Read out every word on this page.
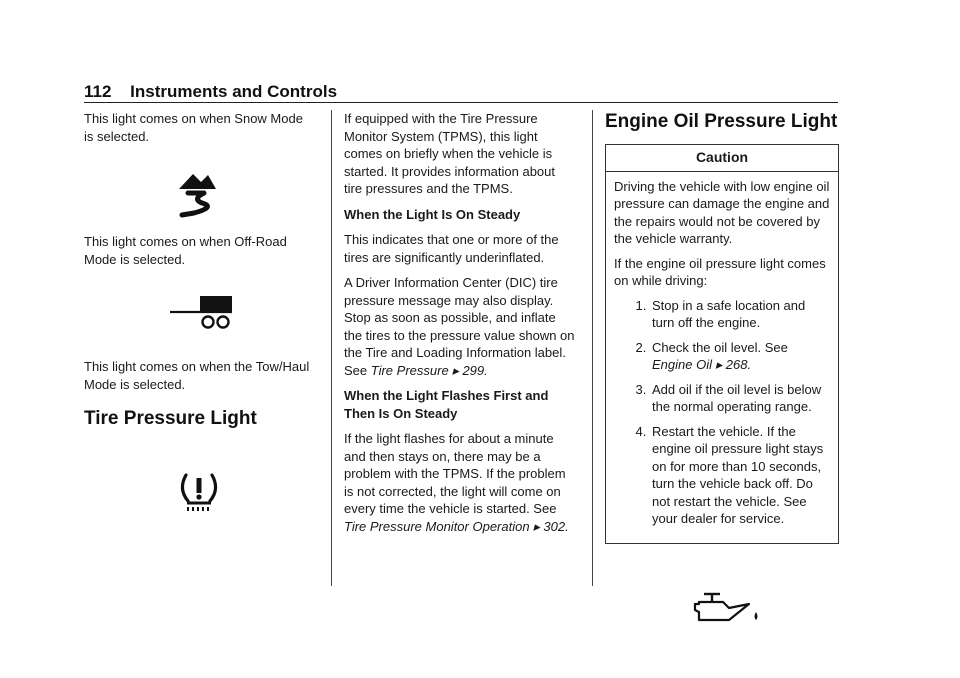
112 Instruments and Controls

This light comes on when Snow Mode is selected.

This light comes on when Off-Road Mode is selected.

This light comes on when the Tow/Haul Mode is selected.

Tire Pressure Light

If equipped with the Tire Pressure Monitor System (TPMS), this light comes on briefly when the vehicle is started. It provides information about tire pressures and the TPMS.

When the Light Is On Steady

This indicates that one or more of the tires are significantly underinflated.

A Driver Information Center (DIC) tire pressure message may also display. Stop as soon as possible, and inflate the tires to the pressure value shown on the Tire and Loading Information label. See Tire Pressure ▸ 299.

When the Light Flashes First and Then Is On Steady

If the light flashes for about a minute and then stays on, there may be a problem with the TPMS. If the problem is not corrected, the light will come on every time the vehicle is started. See Tire Pressure Monitor Operation ▸ 302.

Engine Oil Pressure Light
Caution

Driving the vehicle with low engine oil pressure can damage the engine and the repairs would not be covered by the vehicle warranty.

If the engine oil pressure light comes on while driving:

1. Stop in a safe location and turn off the engine.
2. Check the oil level. See Engine Oil ▸ 268.
3. Add oil if the oil level is below the normal operating range.
4. Restart the vehicle. If the engine oil pressure light stays on for more than 10 seconds, turn the vehicle back off. Do not restart the vehicle. See your dealer for service.
